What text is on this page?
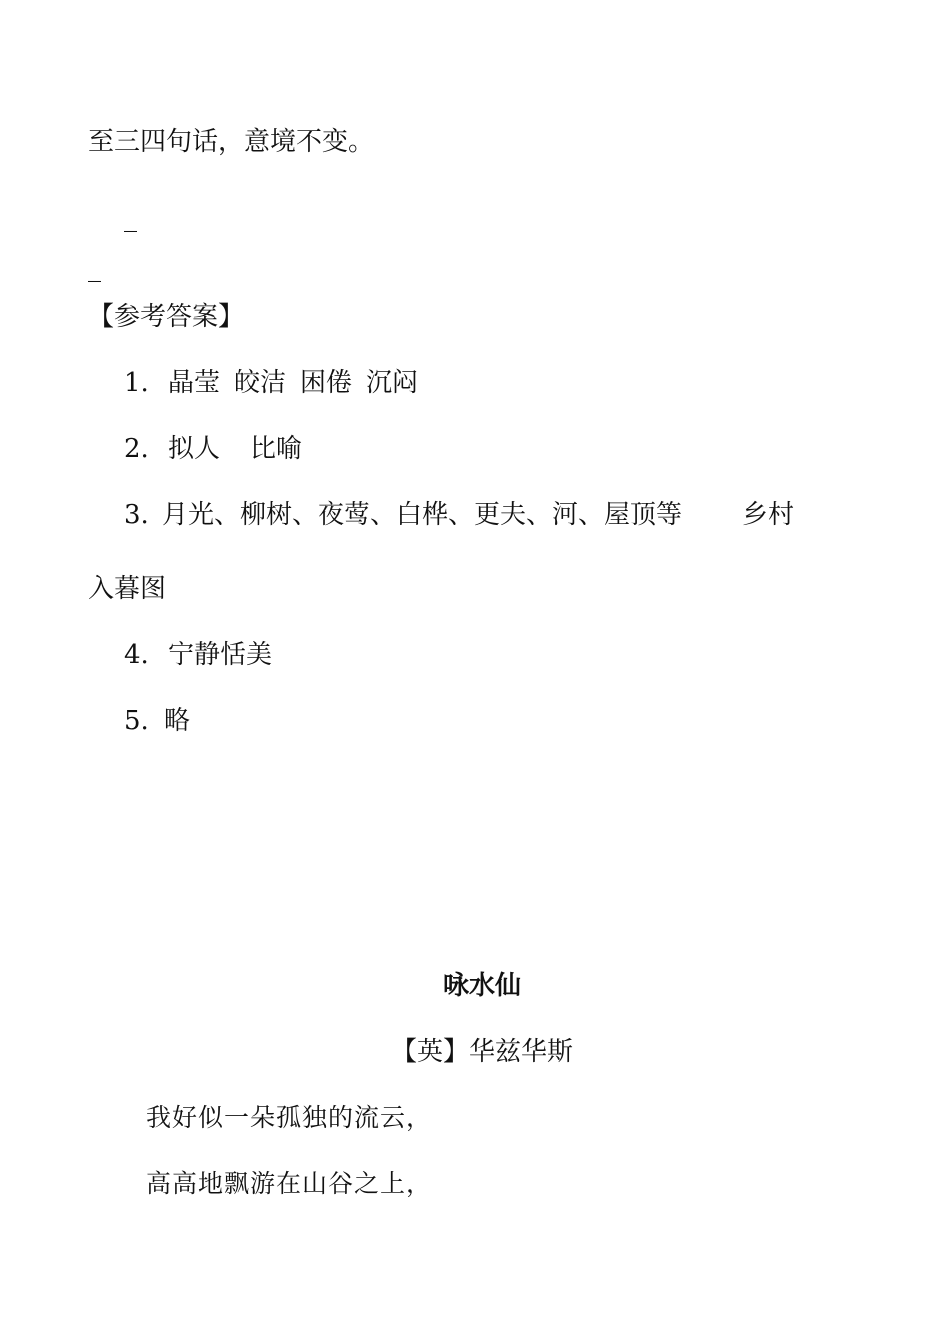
至三四句话，意境不变。
_
_
【参考答案】
1. 晶莹 皎洁 困倦 沉闷
2. 拟人 比喻
3. 月光、柳树、夜莺、白桦、更夫、河、屋顶等 乡村
入暮图
4. 宁静恬美
5. 略
咏水仙
【英】华兹华斯
我好似一朵孤独的流云，
高高地飘游在山谷之上，
